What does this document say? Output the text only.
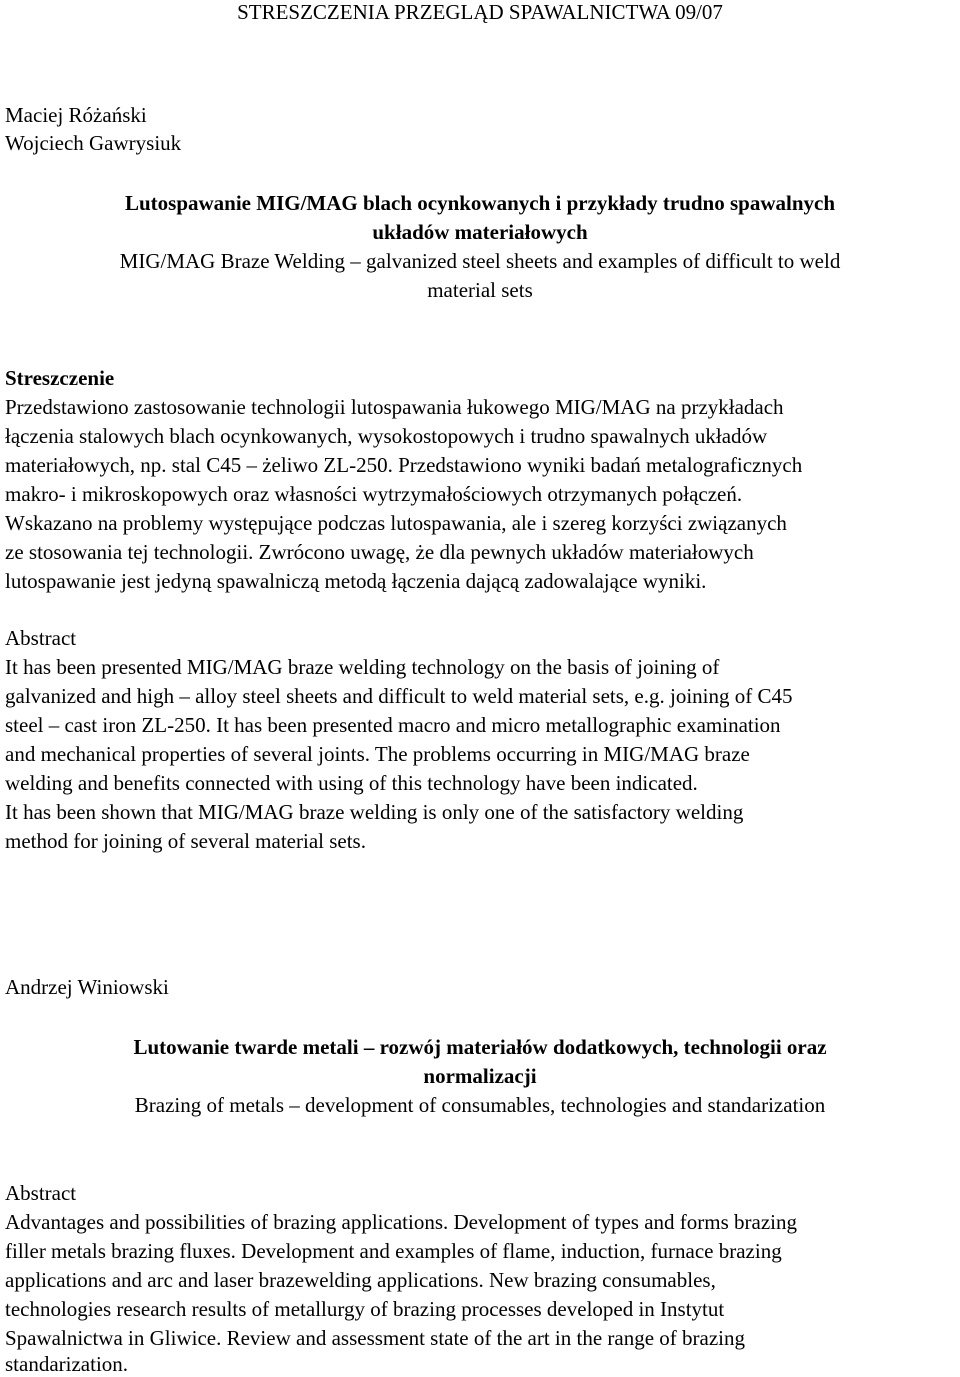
STRESZCZENIA PRZEGLĄD SPAWALNICTWA 09/07
Maciej Różański
Wojciech Gawrysiuk
Lutospawanie MIG/MAG blach ocynkowanych i przykłady trudno spawalnych
układów materiałowych
MIG/MAG Braze Welding – galvanized steel sheets and examples of difficult to weld
material sets
Streszczenie
Przedstawiono zastosowanie technologii lutospawania łukowego MIG/MAG na przykładach
łączenia stalowych blach ocynkowanych, wysokostopowych i trudno spawalnych układów
materiałowych, np. stal C45 – żeliwo ZL-250. Przedstawiono wyniki badań metalograficznych
makro- i mikroskopowych oraz własności wytrzymałościowych otrzymanych połączeń.
Wskazano na problemy występujące podczas lutospawania, ale i szereg korzyści związanych
ze stosowania tej technologii. Zwrócono uwagę, że dla pewnych układów materiałowych
lutospawanie jest jedyną spawalniczą metodą łączenia dającą zadowalające wyniki.
Abstract
It has been presented MIG/MAG braze welding technology on the basis of joining of
galvanized and high – alloy steel sheets and difficult to weld material sets, e.g. joining of C45
steel – cast iron ZL-250. It has been presented macro and micro metallographic examination
and mechanical properties of several joints. The problems occurring in MIG/MAG braze
welding and benefits connected with using of this technology have been indicated.
It has been shown that MIG/MAG braze welding is only one of the satisfactory welding
method for joining of several material sets.
Andrzej Winiowski
Lutowanie twarde metali – rozwój materiałów dodatkowych, technologii oraz
normalizacji
Brazing of metals – development of consumables, technologies and standarization
Abstract
Advantages and possibilities of brazing applications. Development of types and forms brazing
filler metals brazing fluxes. Development and examples of flame, induction, furnace brazing
applications and arc and laser brazewelding applications. New brazing consumables,
technologies research results of metallurgy of brazing processes developed in Instytut
Spawalnictwa in Gliwice. Review and assessment state of the art in the range of brazing
standarization.
